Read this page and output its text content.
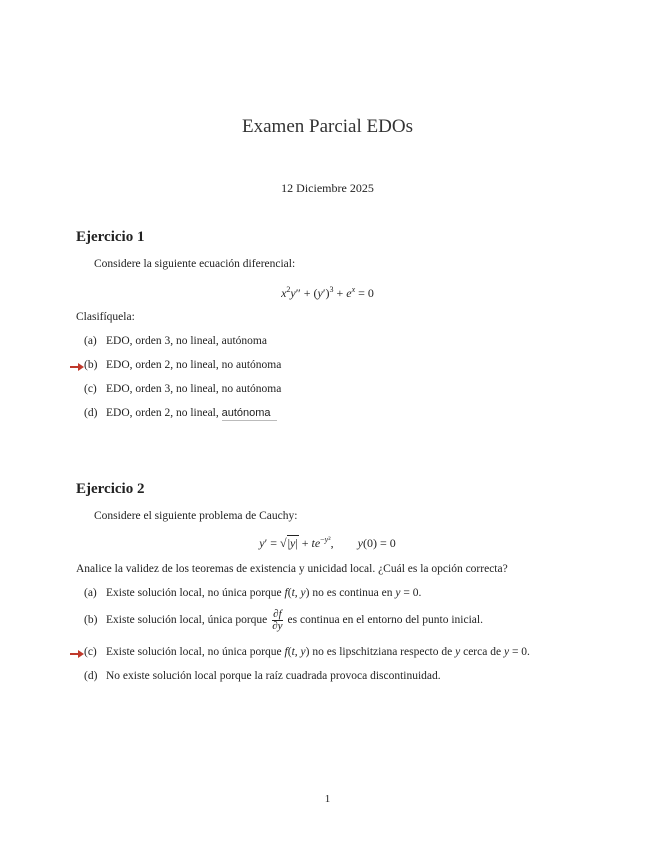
Examen Parcial EDOs
12 Diciembre 2025
Ejercicio 1
Considere la siguiente ecuación diferencial:
$x^2y'' + (y')^3 + e^x = 0$
Clasifíquela:
(a) EDO, orden 3, no lineal, autónoma
(b) EDO, orden 2, no lineal, no autónoma
(c) EDO, orden 3, no lineal, no autónoma
(d) EDO, orden 2, no lineal, autónoma
Ejercicio 2
Considere el siguiente problema de Cauchy:
$y' = √|y| + te^{-y^2}$,        y(0) = 0
Analice la validez de los teoremas de existencia y unicidad local. ¿Cuál es la opción correcta?
(a) Existe solución local, no única porque f(t, y) no es continua en y = 0.
(b) Existe solución local, única porque $\frac{\partial f}{\partial y}$ es continua en el entorno del punto inicial.
(c) Existe solución local, no única porque f(t, y) no es lipschitziana respecto de y cerca de y = 0.
(d) No existe solución local porque la raíz cuadrada provoca discontinuidad.
1
